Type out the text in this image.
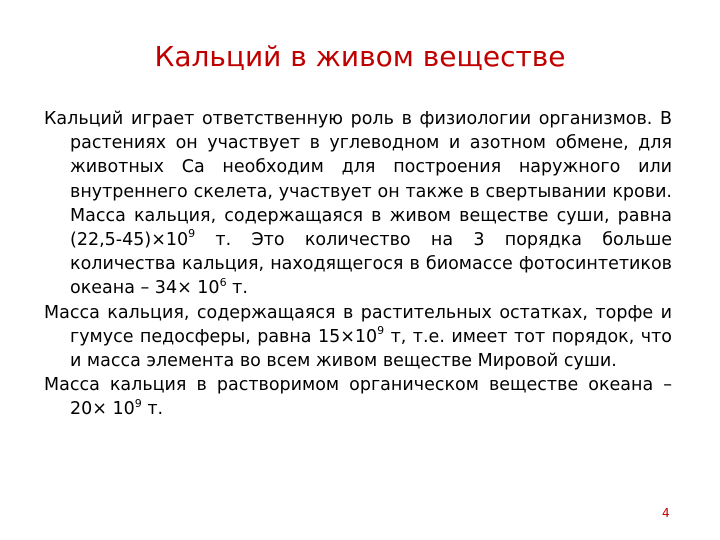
Кальций в живом веществе

Кальций играет ответственную роль в физиологии организмов. В растениях он участвует в углеводном и азотном обмене, для животных Са необходим для построения наружного или внутреннего скелета, участвует он также в свертывании крови. Масса кальция, содержащаяся в живом веществе суши, равна $(22,5-45)\times 10^9$ т. Это количество на 3 порядка больше количества кальция, находящегося в биомассе фотосинтетиков океана – $34\times 10^6$ т.

Масса кальция, содержащаяся в растительных остатках, торфе и гумусе педосферы, равна $15\times 10^9$ т, т.е. имеет тот порядок, что и масса элемента во всем живом веществе Мировой суши.

Масса кальция в растворимом органическом веществе океана – $20\times 10^9$ т.

4
